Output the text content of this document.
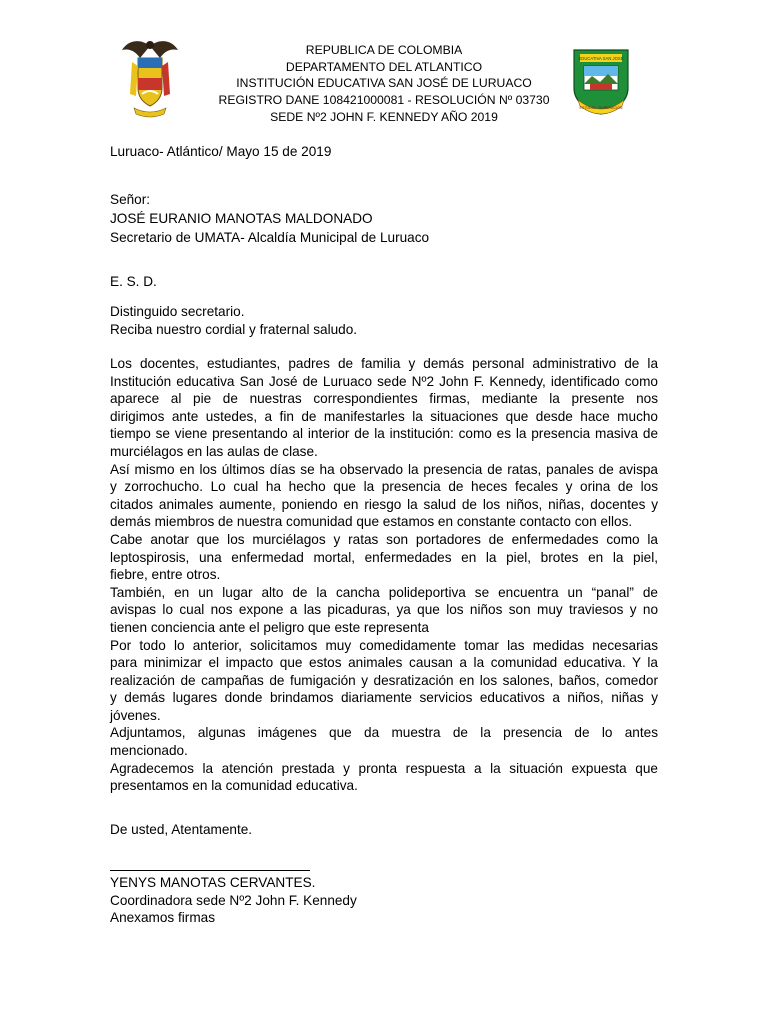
REPUBLICA DE COLOMBIA
DEPARTAMENTO DEL ATLANTICO
INSTITUCIÓN EDUCATIVA SAN JOSÉ DE LURUACO
REGISTRO DANE 108421000081 - RESOLUCIÓN Nº 03730
SEDE Nº2 JOHN F. KENNEDY AÑO 2019
EDUCATIVA SAN JOSÉ
ESTUDIO · SUPERACIÓN
Luruaco- Atlántico/ Mayo 15 de 2019
Señor:
JOSÉ EURANIO MANOTAS MALDONADO
Secretario de UMATA- Alcaldía Municipal de Luruaco
E. S. D.
Distinguido secretario.
Reciba nuestro cordial y fraternal saludo.

Los docentes, estudiantes, padres de familia y demás personal administrativo de la
Institución educativa San José de Luruaco sede Nº2 John F. Kennedy, identificado como
aparece al pie de nuestras correspondientes firmas, mediante la presente nos
dirigimos ante ustedes, a fin de manifestarles la situaciones que desde hace mucho
tiempo se viene presentando al interior de la institución: como es la presencia masiva de
murciélagos en las aulas de clase.

Así mismo en los últimos días se ha observado la presencia de ratas, panales de avispa
y zorrochucho. Lo cual ha hecho que la presencia de heces fecales y orina de los
citados animales aumente, poniendo en riesgo la salud de los niños, niñas, docentes y
demás miembros de nuestra comunidad que estamos en constante contacto con ellos.

Cabe anotar que los murciélagos y ratas son portadores de enfermedades como la
leptospirosis, una enfermedad mortal, enfermedades en la piel, brotes en la piel,
fiebre, entre otros.

También, en un lugar alto de la cancha polideportiva se encuentra un “panal” de
avispas lo cual nos expone a las picaduras, ya que los niños son muy traviesos y no
tienen conciencia ante el peligro que este representa

Por todo lo anterior, solicitamos muy comedidamente tomar las medidas necesarias
para minimizar el impacto que estos animales causan a la comunidad educativa. Y la
realización de campañas de fumigación y desratización en los salones, baños, comedor
y demás lugares donde brindamos diariamente servicios educativos a niños, niñas y
jóvenes.

Adjuntamos, algunas imágenes que da muestra de la presencia de lo antes
mencionado.

Agradecemos la atención prestada y pronta respuesta a la situación expuesta que
presentamos en la comunidad educativa.

De usted, Atentamente.
YENYS MANOTAS CERVANTES.
Coordinadora sede Nº2 John F. Kennedy
Anexamos firmas
